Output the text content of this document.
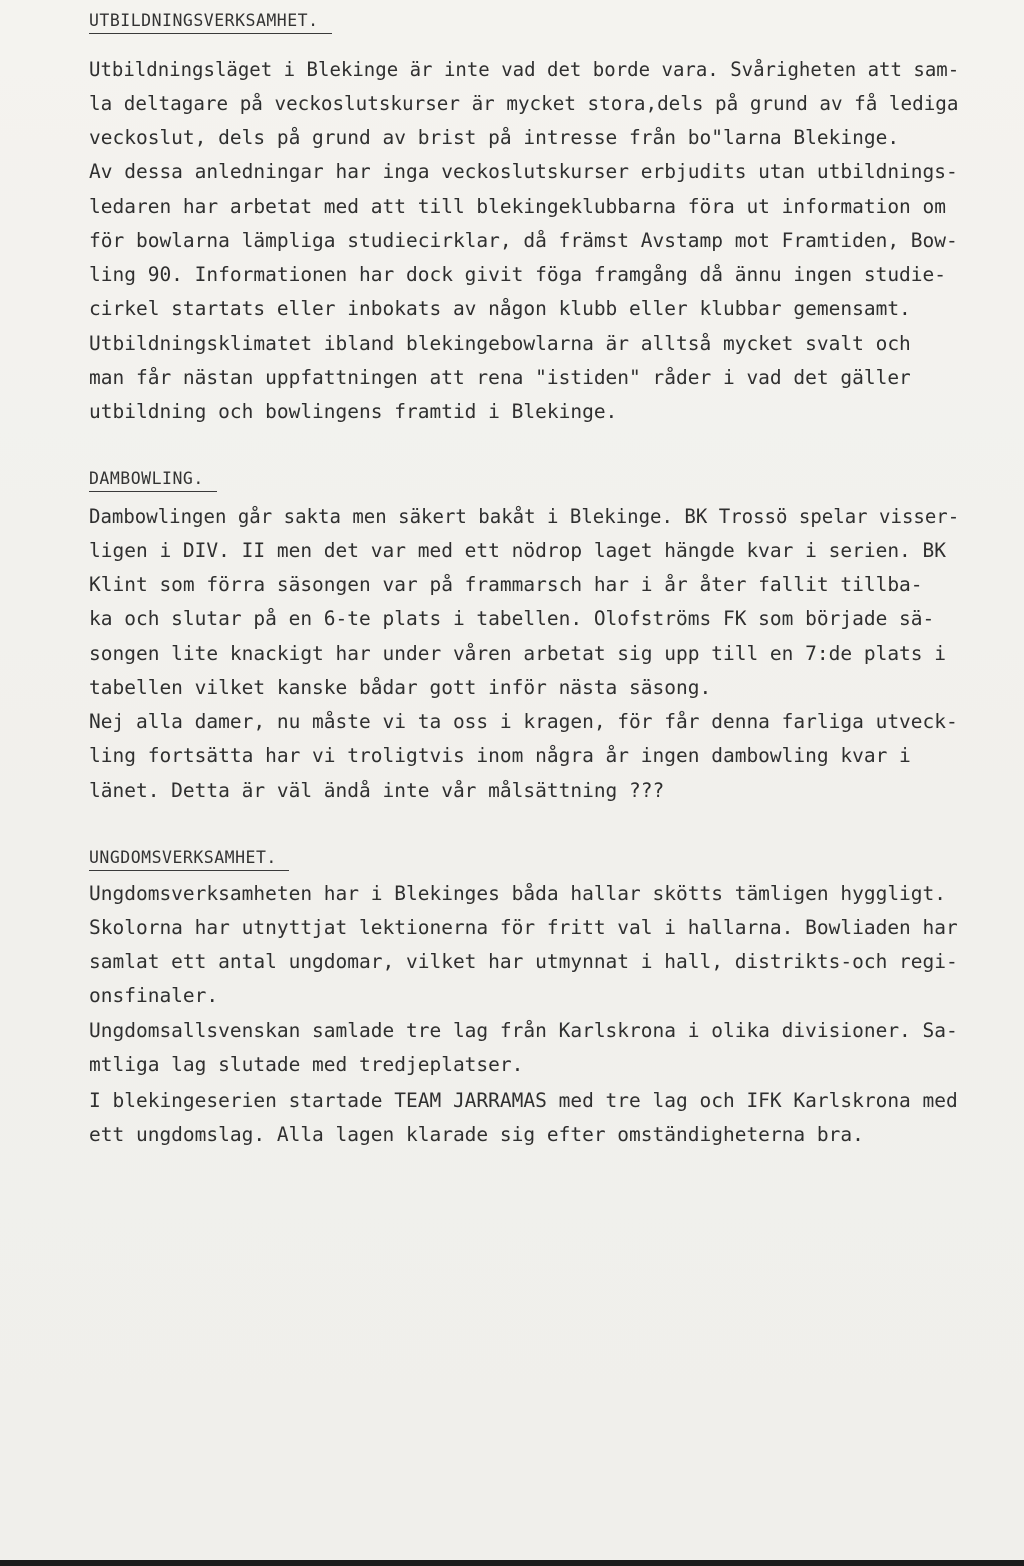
UTBILDNINGSVERKSAMHET.
Utbildningsläget i Blekinge är inte vad det borde vara. Svårigheten att sam-
la deltagare på veckoslutskurser är mycket stora,dels på grund av få lediga
veckoslut, dels på grund av brist på intresse från bo"larna Blekinge.
Av dessa anledningar har inga veckoslutskurser erbjudits utan utbildnings-
ledaren har arbetat med att till blekingeklubbarna föra ut information om
för bowlarna lämpliga studiecirklar, då främst Avstamp mot Framtiden, Bow-
ling 90. Informationen har dock givit föga framgång då ännu ingen studie-
cirkel startats eller inbokats av någon klubb eller klubbar gemensamt.
Utbildningsklimatet ibland blekingebowlarna är alltså mycket svalt och
man får nästan uppfattningen att rena "istiden" råder i vad det gäller
utbildning och bowlingens framtid i Blekinge.
DAMBOWLING.
Dambowlingen går sakta men säkert bakåt i Blekinge. BK Trossö spelar visser-
ligen i DIV. II men det var med ett nödrop laget hängde kvar i serien. BK
Klint som förra säsongen var på frammarsch har i år åter fallit tillba-
ka och slutar på en 6-te plats i tabellen. Olofströms FK som började sä-
songen lite knackigt har under våren arbetat sig upp till en 7:de plats i
tabellen vilket kanske bådar gott inför nästa säsong.
Nej alla damer, nu måste vi ta oss i kragen, för får denna farliga utveck-
ling fortsätta har vi troligtvis inom några år ingen dambowling kvar i
länet. Detta är väl ändå inte vår målsättning ???
UNGDOMSVERKSAMHET.
Ungdomsverksamheten har i Blekinges båda hallar skötts tämligen hyggligt.
Skolorna har utnyttjat lektionerna för fritt val i hallarna. Bowliaden har
samlat ett antal ungdomar, vilket har utmynnat i hall, distrikts-och regi-
onsfinaler.
Ungdomsallsvenskan samlade tre lag från Karlskrona i olika divisioner. Sa-
mtliga lag slutade med tredjeplatser.
I blekingeserien startade TEAM JARRAMAS med tre lag och IFK Karlskrona med
ett ungdomslag. Alla lagen klarade sig efter omständigheterna bra.
